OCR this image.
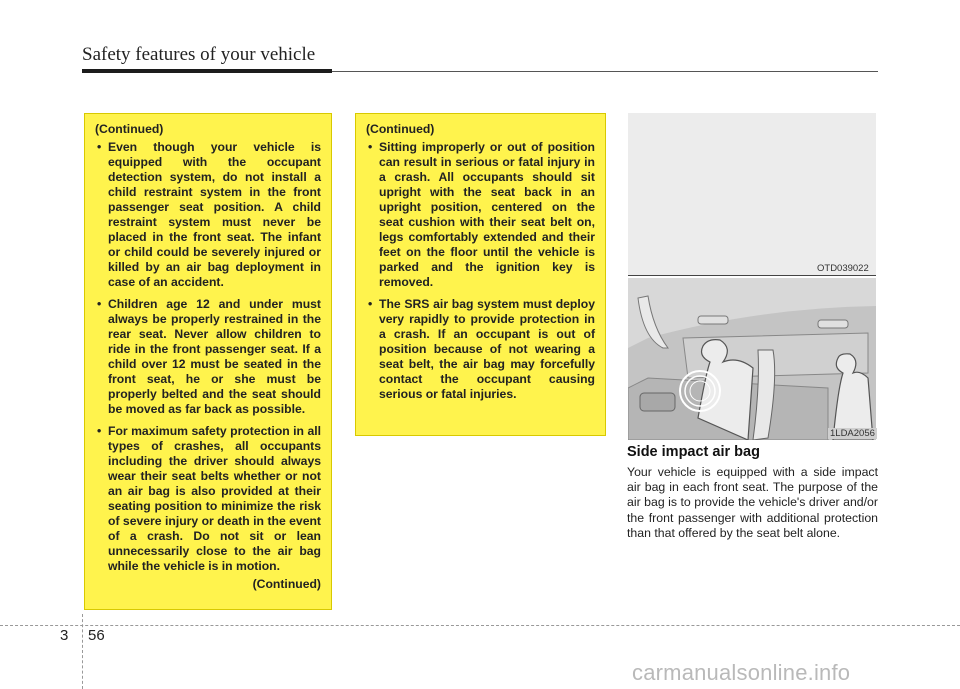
Safety features of your vehicle
(Continued)
• Even though your vehicle is equipped with the occupant detection system, do not install a child restraint system in the front passenger seat position. A child restraint system must never be placed in the front seat. The infant or child could be severely injured or killed by an air bag deployment in case of an accident.
• Children age 12 and under must always be properly restrained in the rear seat. Never allow children to ride in the front passenger seat. If a child over 12 must be seated in the front seat, he or she must be properly belted and the seat should be moved as far back as possible.
• For maximum safety protection in all types of crashes, all occupants including the driver should always wear their seat belts whether or not an air bag is also provided at their seating position to minimize the risk of severe injury or death in the event of a crash. Do not sit or lean unnecessarily close to the air bag while the vehicle is in motion.
(Continued)
(Continued)
• Sitting improperly or out of position can result in serious or fatal injury in a crash. All occupants should sit upright with the seat back in an upright position, centered on the seat cushion with their seat belt on, legs comfortably extended and their feet on the floor until the vehicle is parked and the ignition key is removed.
• The SRS air bag system must deploy very rapidly to provide protection in a crash. If an occupant is out of position because of not wearing a seat belt, the air bag may forcefully contact the occupant causing serious or fatal injuries.
OTD039022
1LDA2056
Side impact air bag
Your vehicle is equipped with a side impact air bag in each front seat. The purpose of the air bag is to provide the vehicle's driver and/or the front passenger with additional protection than that offered by the seat belt alone.
3 56
carmanualsonline.info
